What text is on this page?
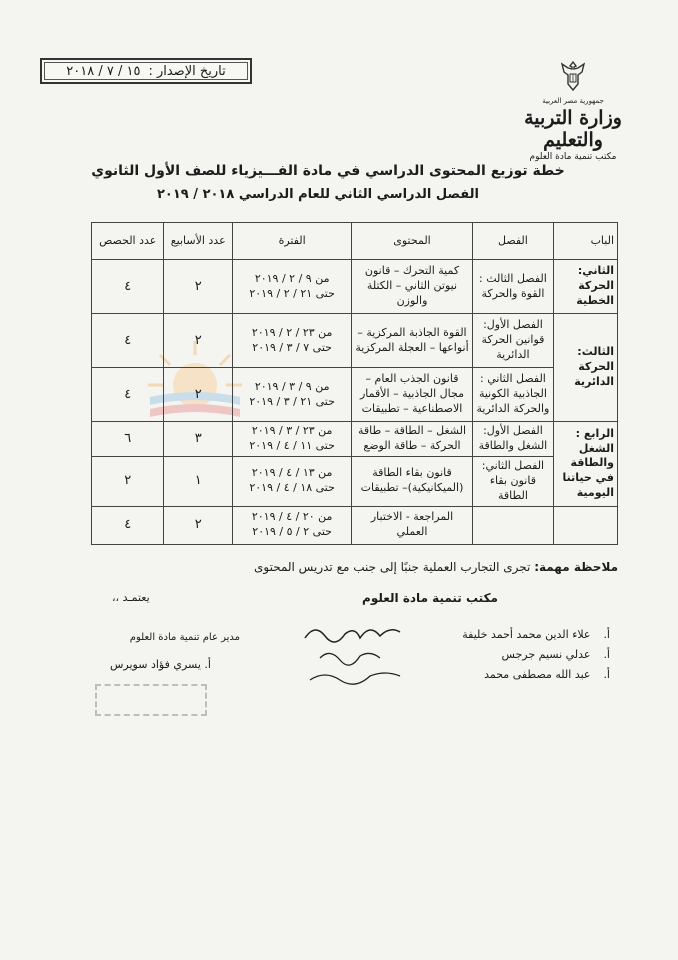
تاريخ الإصدار :
١٥ / ٧ / ٢٠١٨
جمهورية مصر العربية
وزارة التربية والتعليم
مكتب تنمية مادة العلوم
خطة توزيع المحتوى الدراسي في مادة الفـــيزياء للصف الأول الثانوي
الفصل الدراسي الثاني للعام الدراسي ٢٠١٨ / ٢٠١٩
الباب	الفصل	المحتوى	الفترة	عدد الأسابيع	عدد الحصص
الثاني: الحركة الخطية	الفصل الثالث : القوة والحركة	كمية التحرك – قانون نيوتن الثاني – الكتلة والوزن	من ٩ / ٢ / ٢٠١٩
حتى ٢١ / ٢ / ٢٠١٩	٢	٤
الثالث: الحركة الدائرية	الفصل الأول: قوانين الحركة الدائرية	القوة الجاذبة المركزية – أنواعها – العجلة المركزية	من ٢٣ / ٢ / ٢٠١٩
حتى ٧ / ٣ / ٢٠١٩	٢	٤
	الفصل الثاني : الجاذبية الكونية والحركة الدائرية	قانون الجذب العام – مجال الجاذبية – الأقمار الاصطناعية – تطبيقات	من ٩ / ٣ / ٢٠١٩
حتى ٢١ / ٣ / ٢٠١٩	٢	٤
الرابع : الشغل والطاقة في حياتنا اليومية	الفصل الأول: الشغل والطاقة	الشغل – الطاقة – طاقة الحركة – طاقة الوضع	من ٢٣ / ٣ / ٢٠١٩
حتى ١١ / ٤ / ٢٠١٩	٣	٦
	الفصل الثاني: قانون بقاء الطاقة	قانون بقاء الطاقة (الميكانيكية)– تطبيقات	من ١٣ / ٤ / ٢٠١٩
حتى ١٨ / ٤ / ٢٠١٩	١	٢
		المراجعة - الاختبار العملي	من ٢٠ / ٤ / ٢٠١٩
حتى ٢ / ٥ / ٢٠١٩	٢	٤
ملاحظة مهمة: تجرى التجارب العملية جنبًا إلى جنب مع تدريس المحتوى
مكتب تنمية مادة العلوم
يعتمـد ،،
أ. علاء الدين محمد أحمد خليفة
أ. عدلي نسيم جرجس
أ. عبد الله مصطفى محمد
مدير عام تنمية مادة العلوم
أ. يسري فؤاد سويرس
